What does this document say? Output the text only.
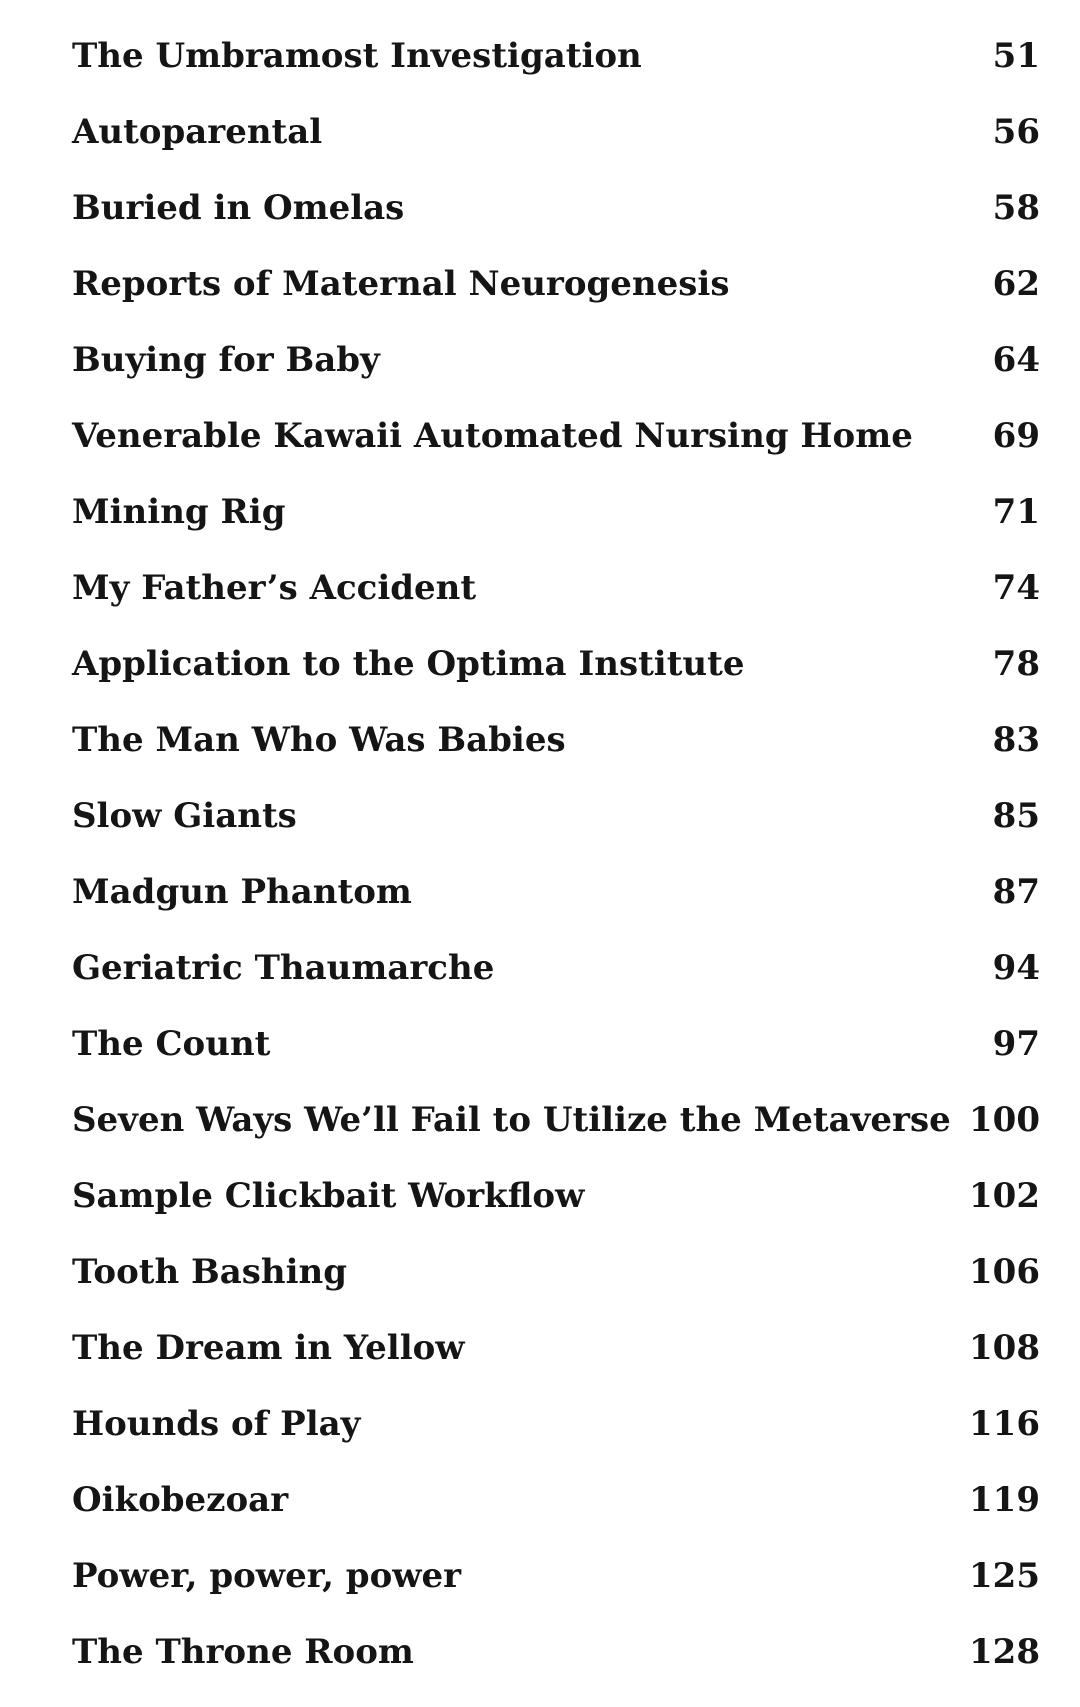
The Umbramost Investigation	51
Autoparental	56
Buried in Omelas	58
Reports of Maternal Neurogenesis	62
Buying for Baby	64
Venerable Kawaii Automated Nursing Home 69
Mining Rig	71
My Father’s Accident	74
Application to the Optima Institute	78
The Man Who Was Babies	83
Slow Giants	85
Madgun Phantom	87
Geriatric Thaumarche	94
The Count	97
Seven Ways We’ll Fail to Utilize the Metaverse 100
Sample Clickbait Workflow	102
Tooth Bashing	106
The Dream in Yellow	108
Hounds of Play	116
Oikobezoar	119
Power, power, power	125
The Throne Room	128
